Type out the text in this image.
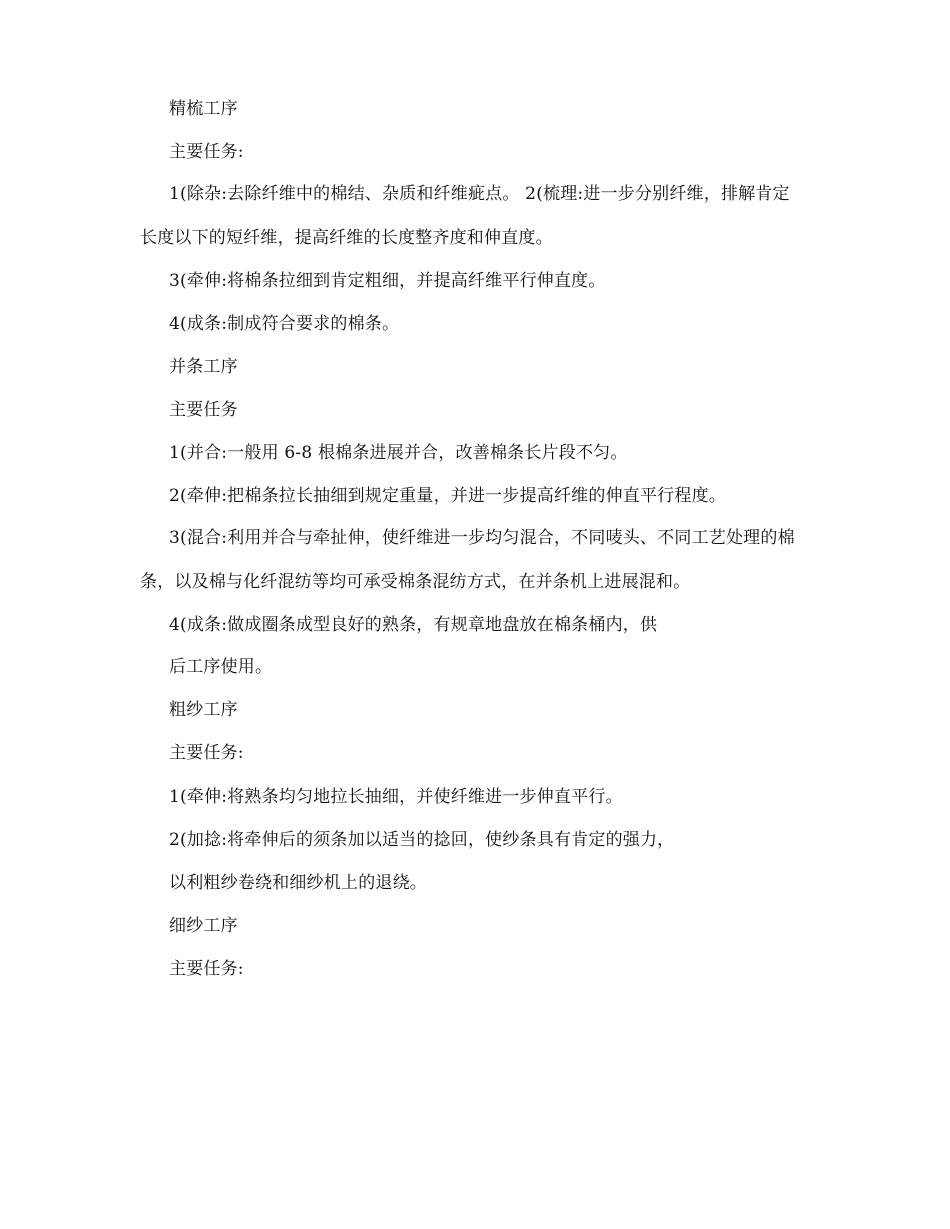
精梳工序
主要任务:
1(除杂:去除纤维中的棉结、杂质和纤维疵点。 2(梳理:进一步分别纤维，排解肯定长度以下的短纤维，提高纤维的长度整齐度和伸直度。
3(牵伸:将棉条拉细到肯定粗细，并提高纤维平行伸直度。
4(成条:制成符合要求的棉条。
并条工序
主要任务
1(并合:一般用 6-8 根棉条进展并合，改善棉条长片段不匀。
2(牵伸:把棉条拉长抽细到规定重量，并进一步提高纤维的伸直平行程度。
3(混合:利用并合与牵扯伸，使纤维进一步均匀混合，不同唛头、不同工艺处理的棉条，以及棉与化纤混纺等均可承受棉条混纺方式，在并条机上进展混和。
4(成条:做成圈条成型良好的熟条，有规章地盘放在棉条桶内，供
后工序使用。
粗纱工序
主要任务:
1(牵伸:将熟条均匀地拉长抽细，并使纤维进一步伸直平行。
2(加捻:将牵伸后的须条加以适当的捻回，使纱条具有肯定的强力，
以利粗纱卷绕和细纱机上的退绕。
细纱工序
主要任务:
